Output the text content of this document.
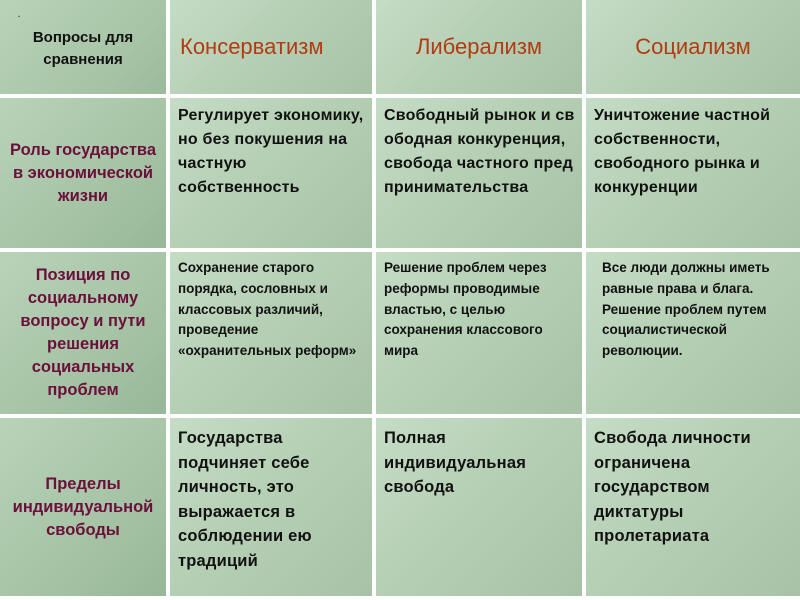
.
Вопросы для сравнения
Консерватизм	Либерализм	Социализм
Роль государства в экономической жизни
Регулирует экономику, но без покушения на частную собственность
Свободный рынок и свободная конкуренция, свобода частного предпринимательства
Уничтожение частной собственности, свободного рынка и конкуренции
Позиция по социальному вопросу и пути решения социальных проблем
Сохранение старого порядка, сословных и классовых различий, проведение «охранительных реформ»
Решение проблем через реформы проводимые властью, с целью сохранения классового мира
Все люди должны иметь равные права и блага. Решение проблем путем социалистической революции.
Пределы индивидуальной свободы
Государства подчиняет себе личность, это выражается в соблюдении ею традиций
Полная индивидуальная свобода
Свобода личности ограничена государством диктатуры пролетариата
